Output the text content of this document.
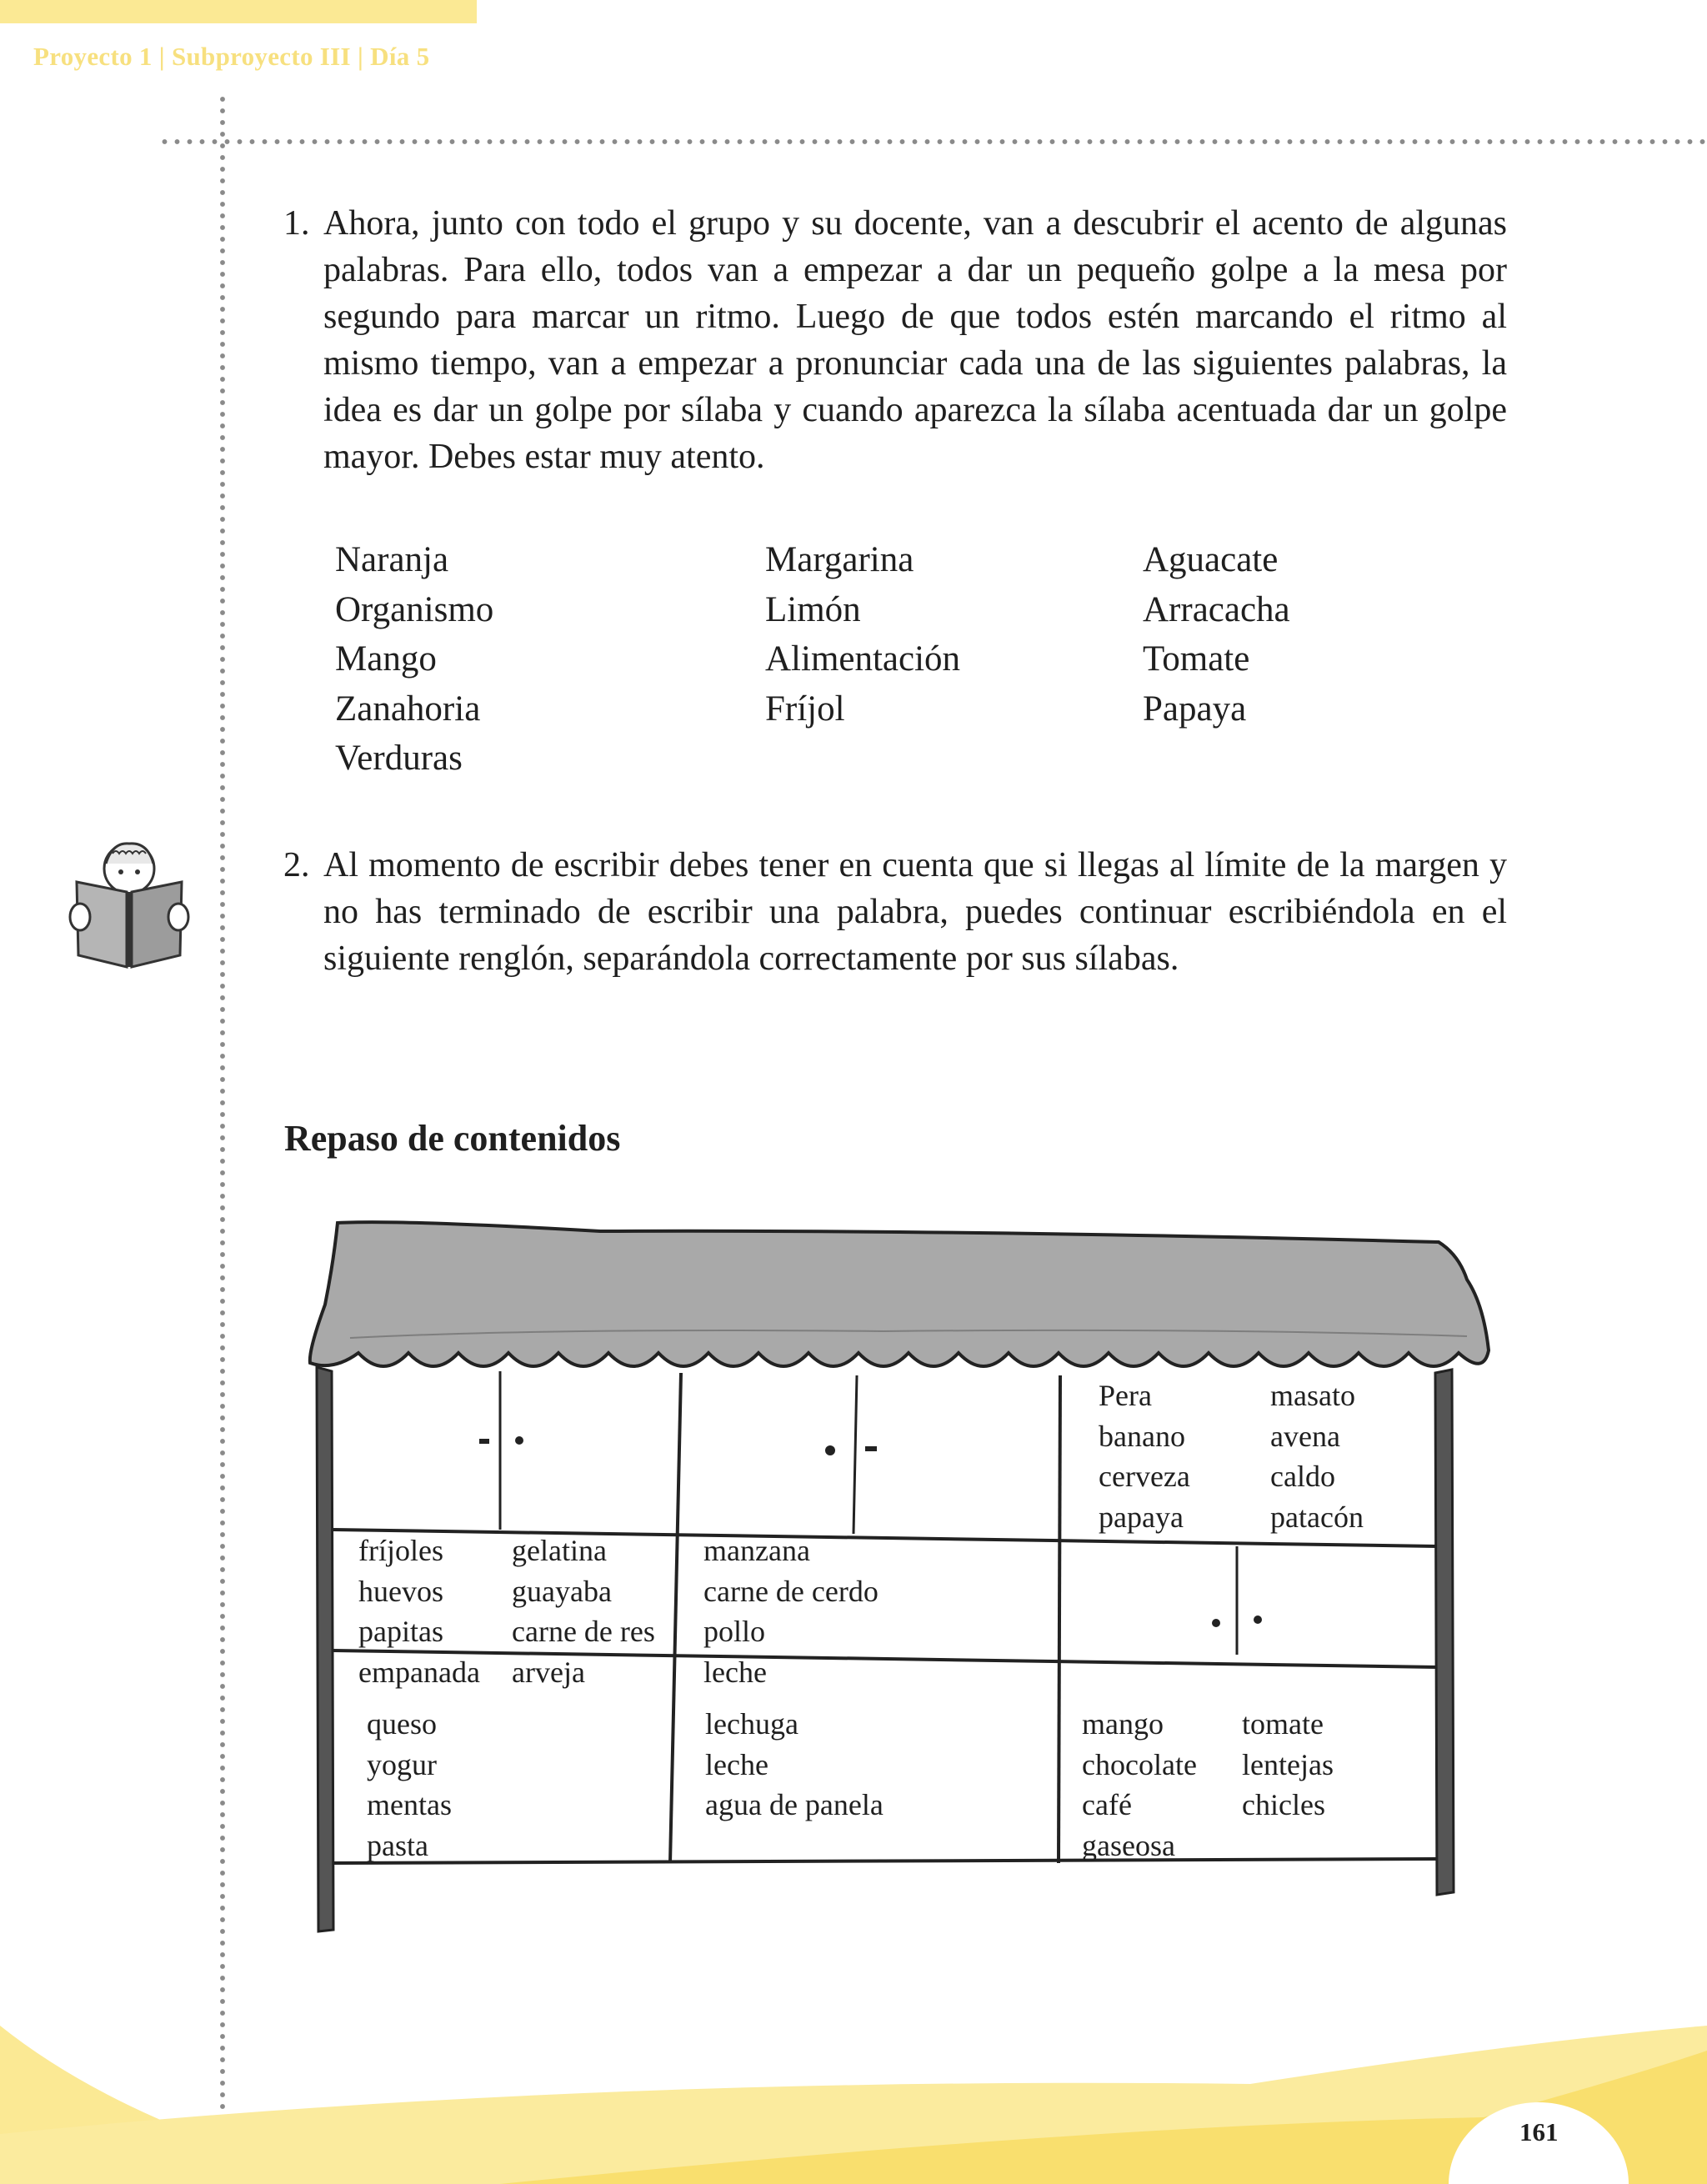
Proyecto 1 | Subproyecto III | Día 5
1. Ahora, junto con todo el grupo y su docente, van a descubrir el acento de algunas palabras. Para ello, todos van a empezar a dar un pequeño golpe a la mesa por segundo para marcar un ritmo. Luego de que todos estén marcando el ritmo al mismo tiempo, van a empezar a pronunciar cada una de las siguientes palabras, la idea es dar un golpe por sílaba y cuando aparezca la sílaba acentuada dar un golpe mayor. Debes estar muy atento.
Naranja
Organismo
Mango
Zanahoria
Verduras
Margarina
Limón
Alimentación
Fríjol
Aguacate
Arracacha
Tomate
Papaya
2. Al momento de escribir debes tener en cuenta que si llegas al límite de la margen y no has terminado de escribir una palabra, puedes continuar escribiéndola en el siguiente renglón, separándola correctamente por sus sílabas.
Repaso de contenidos
Pera
banano
cerveza
papaya
masato
avena
caldo
patacón
fríjoles
huevos
papitas
empanada
gelatina
guayaba
carne de res
arveja
manzana
carne de cerdo
pollo
leche
queso
yogur
mentas
pasta
lechuga
leche
agua de panela
mango
chocolate
café
gaseosa
tomate
lentejas
chicles
161
